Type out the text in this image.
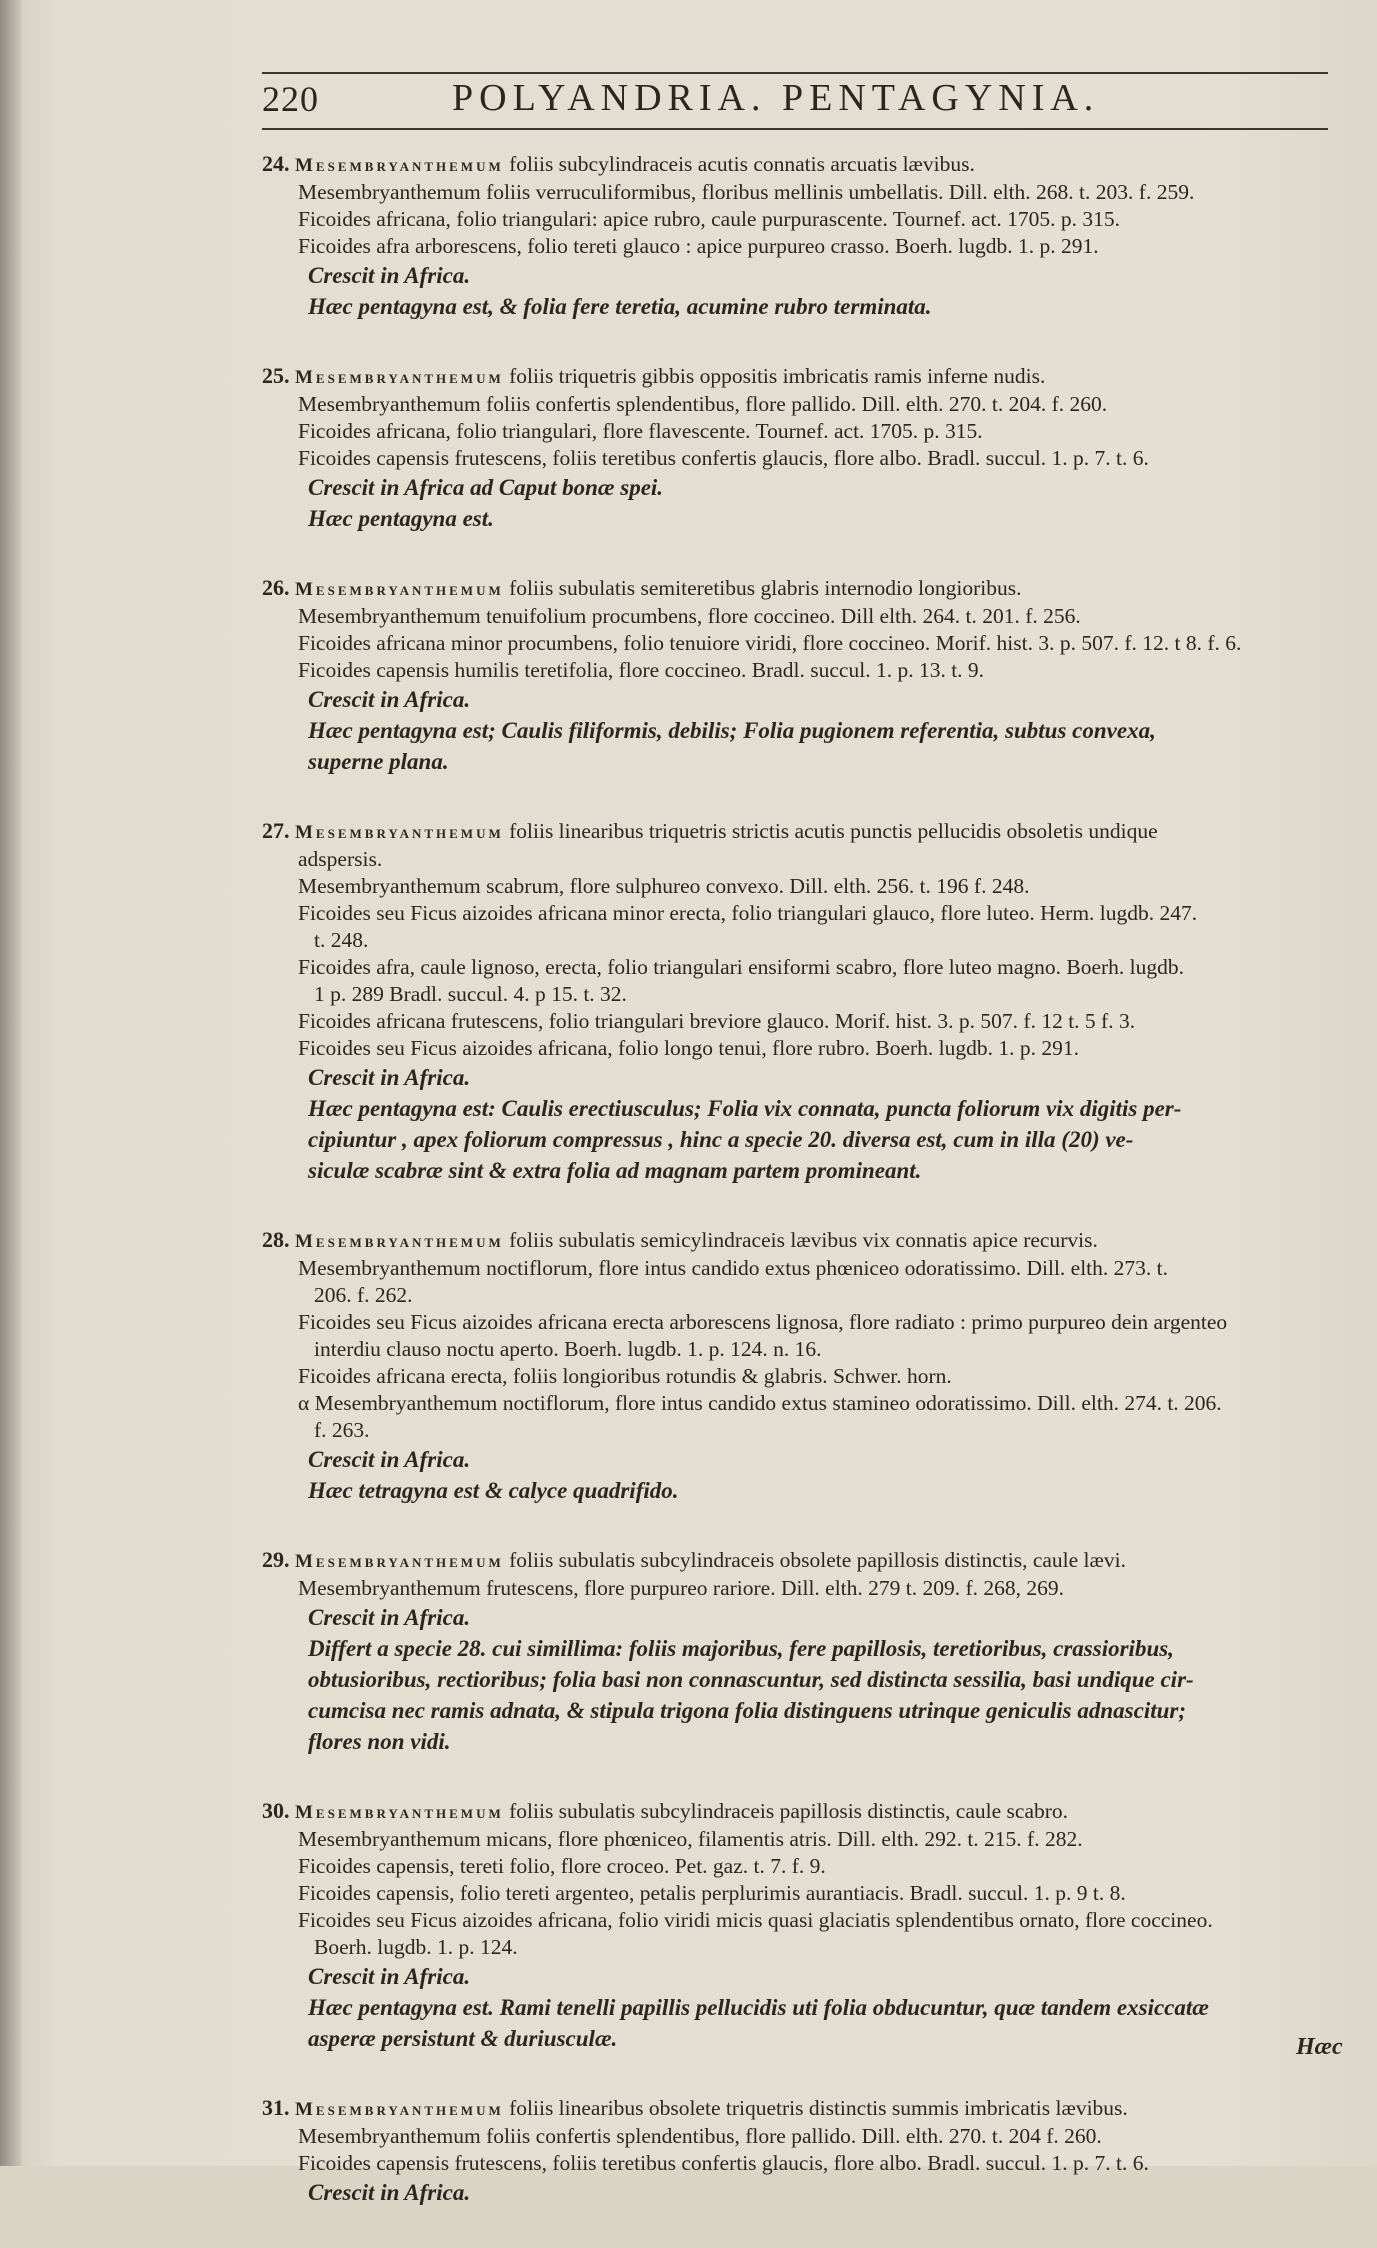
220	POLYANDRIA. PENTAGYNIA.
24. Mesembryanthemum foliis subcylindraceis acutis connatis arcuatis lævibus.
Mesembryanthemum foliis verruculiformibus, floribus mellinis umbellatis. Dill. elth. 268. t. 203. f. 259.
Ficoides africana, folio triangulari: apice rubro, caule purpurascente. Tournef. act. 1705. p. 315.
Ficoides afra arborescens, folio tereti glauco : apice purpureo crasso. Boerh. lugdb. 1. p. 291.
Crescit in Africa.
Hæc pentagyna est, & folia fere teretia, acumine rubro terminata.
25. Mesembryanthemum foliis triquetris gibbis oppositis imbricatis ramis inferne nudis.
Mesembryanthemum foliis confertis splendentibus, flore pallido. Dill. elth. 270. t. 204. f. 260.
Ficoides africana, folio triangulari, flore flavescente. Tournef. act. 1705. p. 315.
Ficoides capensis frutescens, foliis teretibus confertis glaucis, flore albo. Bradl. succul. 1. p. 7. t. 6.
Crescit in Africa ad Caput bonæ spei.
Hæc pentagyna est.
26. Mesembryanthemum foliis subulatis semiteretibus glabris internodio longioribus.
Mesembryanthemum tenuifolium procumbens, flore coccineo. Dill elth. 264. t. 201. f. 256.
Ficoides africana minor procumbens, folio tenuiore viridi, flore coccineo. Morif. hist. 3. p. 507. f. 12. t 8. f. 6.
Ficoides capensis humilis teretifolia, flore coccineo. Bradl. succul. 1. p. 13. t. 9.
Crescit in Africa.
Hæc pentagyna est; Caulis filiformis, debilis; Folia pugionem referentia, subtus convexa,
superne plana.
27. Mesembryanthemum foliis linearibus triquetris strictis acutis punctis pellucidis obsoletis undique
adspersis.
Mesembryanthemum scabrum, flore sulphureo convexo. Dill. elth. 256. t. 196 f. 248.
Ficoides seu Ficus aizoides africana minor erecta, folio triangulari glauco, flore luteo. Herm. lugdb. 247.
t. 248.
Ficoides afra, caule lignoso, erecta, folio triangulari ensiformi scabro, flore luteo magno. Boerh. lugdb.
1 p. 289 Bradl. succul. 4. p 15. t. 32.
Ficoides africana frutescens, folio triangulari breviore glauco. Morif. hist. 3. p. 507. f. 12 t. 5 f. 3.
Ficoides seu Ficus aizoides africana, folio longo tenui, flore rubro. Boerh. lugdb. 1. p. 291.
Crescit in Africa.
Hæc pentagyna est: Caulis erectiusculus; Folia vix connata, puncta foliorum vix digitis per-
cipiuntur , apex foliorum compressus , hinc a specie 20. diversa est, cum in illa (20) ve-
siculæ scabræ sint & extra folia ad magnam partem promineant.
28. Mesembryanthemum foliis subulatis semicylindraceis lævibus vix connatis apice recurvis.
Mesembryanthemum noctiflorum, flore intus candido extus phœniceo odoratissimo. Dill. elth. 273. t.
206. f. 262.
Ficoides seu Ficus aizoides africana erecta arborescens lignosa, flore radiato : primo purpureo dein argenteo
interdiu clauso noctu aperto. Boerh. lugdb. 1. p. 124. n. 16.
Ficoides africana erecta, foliis longioribus rotundis & glabris. Schwer. horn.
α Mesembryanthemum noctiflorum, flore intus candido extus stamineo odoratissimo. Dill. elth. 274. t. 206.
f. 263.
Crescit in Africa.
Hæc tetragyna est & calyce quadrifido.
29. Mesembryanthemum foliis subulatis subcylindraceis obsolete papillosis distinctis, caule lævi.
Mesembryanthemum frutescens, flore purpureo rariore. Dill. elth. 279 t. 209. f. 268, 269.
Crescit in Africa.
Differt a specie 28. cui simillima: foliis majoribus, fere papillosis, teretioribus, crassioribus,
obtusioribus, rectioribus; folia basi non connascuntur, sed distincta sessilia, basi undique cir-
cumcisa nec ramis adnata, & stipula trigona folia distinguens utrinque geniculis adnascitur;
flores non vidi.
30. Mesembryanthemum foliis subulatis subcylindraceis papillosis distinctis, caule scabro.
Mesembryanthemum micans, flore phœniceo, filamentis atris. Dill. elth. 292. t. 215. f. 282.
Ficoides capensis, tereti folio, flore croceo. Pet. gaz. t. 7. f. 9.
Ficoides capensis, folio tereti argenteo, petalis perplurimis aurantiacis. Bradl. succul. 1. p. 9 t. 8.
Ficoides seu Ficus aizoides africana, folio viridi micis quasi glaciatis splendentibus ornato, flore coccineo.
Boerh. lugdb. 1. p. 124.
Crescit in Africa.
Hæc pentagyna est. Rami tenelli papillis pellucidis uti folia obducuntur, quæ tandem exsiccatæ
asperæ persistunt & duriusculæ.
31. Mesembryanthemum foliis linearibus obsolete triquetris distinctis summis imbricatis lævibus.
Mesembryanthemum foliis confertis splendentibus, flore pallido. Dill. elth. 270. t. 204 f. 260.
Ficoides capensis frutescens, foliis teretibus confertis glaucis, flore albo. Bradl. succul. 1. p. 7. t. 6.
Crescit in Africa.
Hæc
